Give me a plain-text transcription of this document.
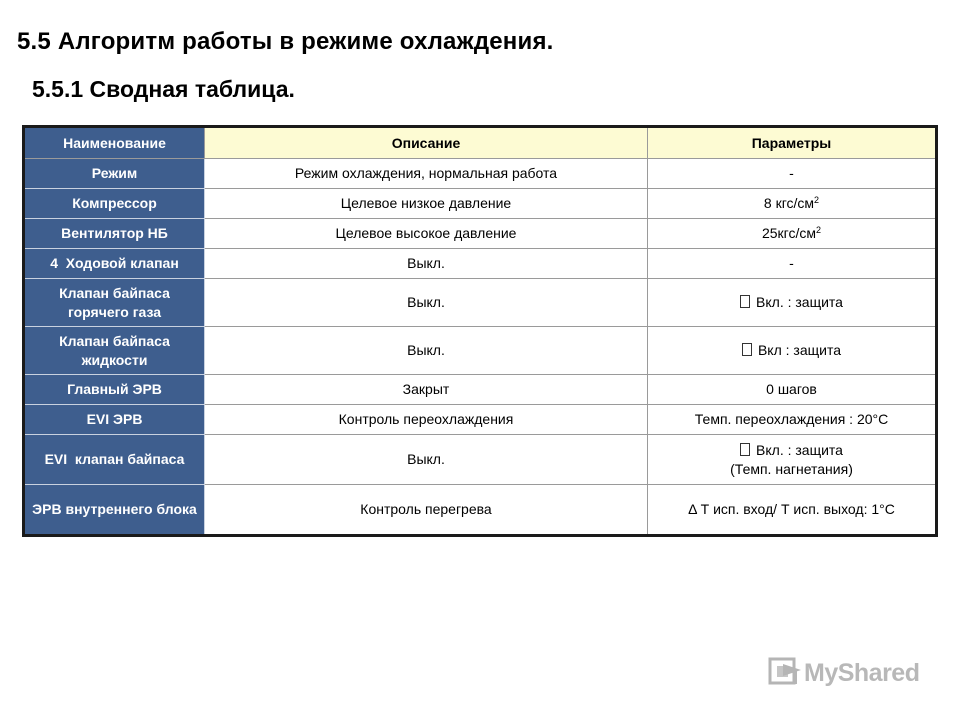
5.5 Алгоритм работы в режиме охлаждения.
5.5.1 Сводная таблица.
Наименование	Описание	Параметры
Режим	Режим охлаждения, нормальная работа	-
Компрессор	Целевое низкое давление	8 кгс/$см^2$
Вентилятор НБ	Целевое высокое давление	$25кгс/см^2$
4  Ходовой клапан	Выкл.	-
Клапан байпаса горячего газа	Выкл.	Вкл. : защита
Клапан байпаса жидкости	Выкл.	Вкл : защита
Главный ЭРВ	Закрыт	0 шагов
EVI ЭРВ	Контроль переохлаждения	Темп. переохлаждения : 20°C
EVI  клапан байпаса	Выкл.	Вкл. : защита
(Темп. нагнетания)
ЭРВ внутреннего блока	Контроль перегрева	Δ Т исп. вход/ Т исп. выход: 1°C
MyShared
